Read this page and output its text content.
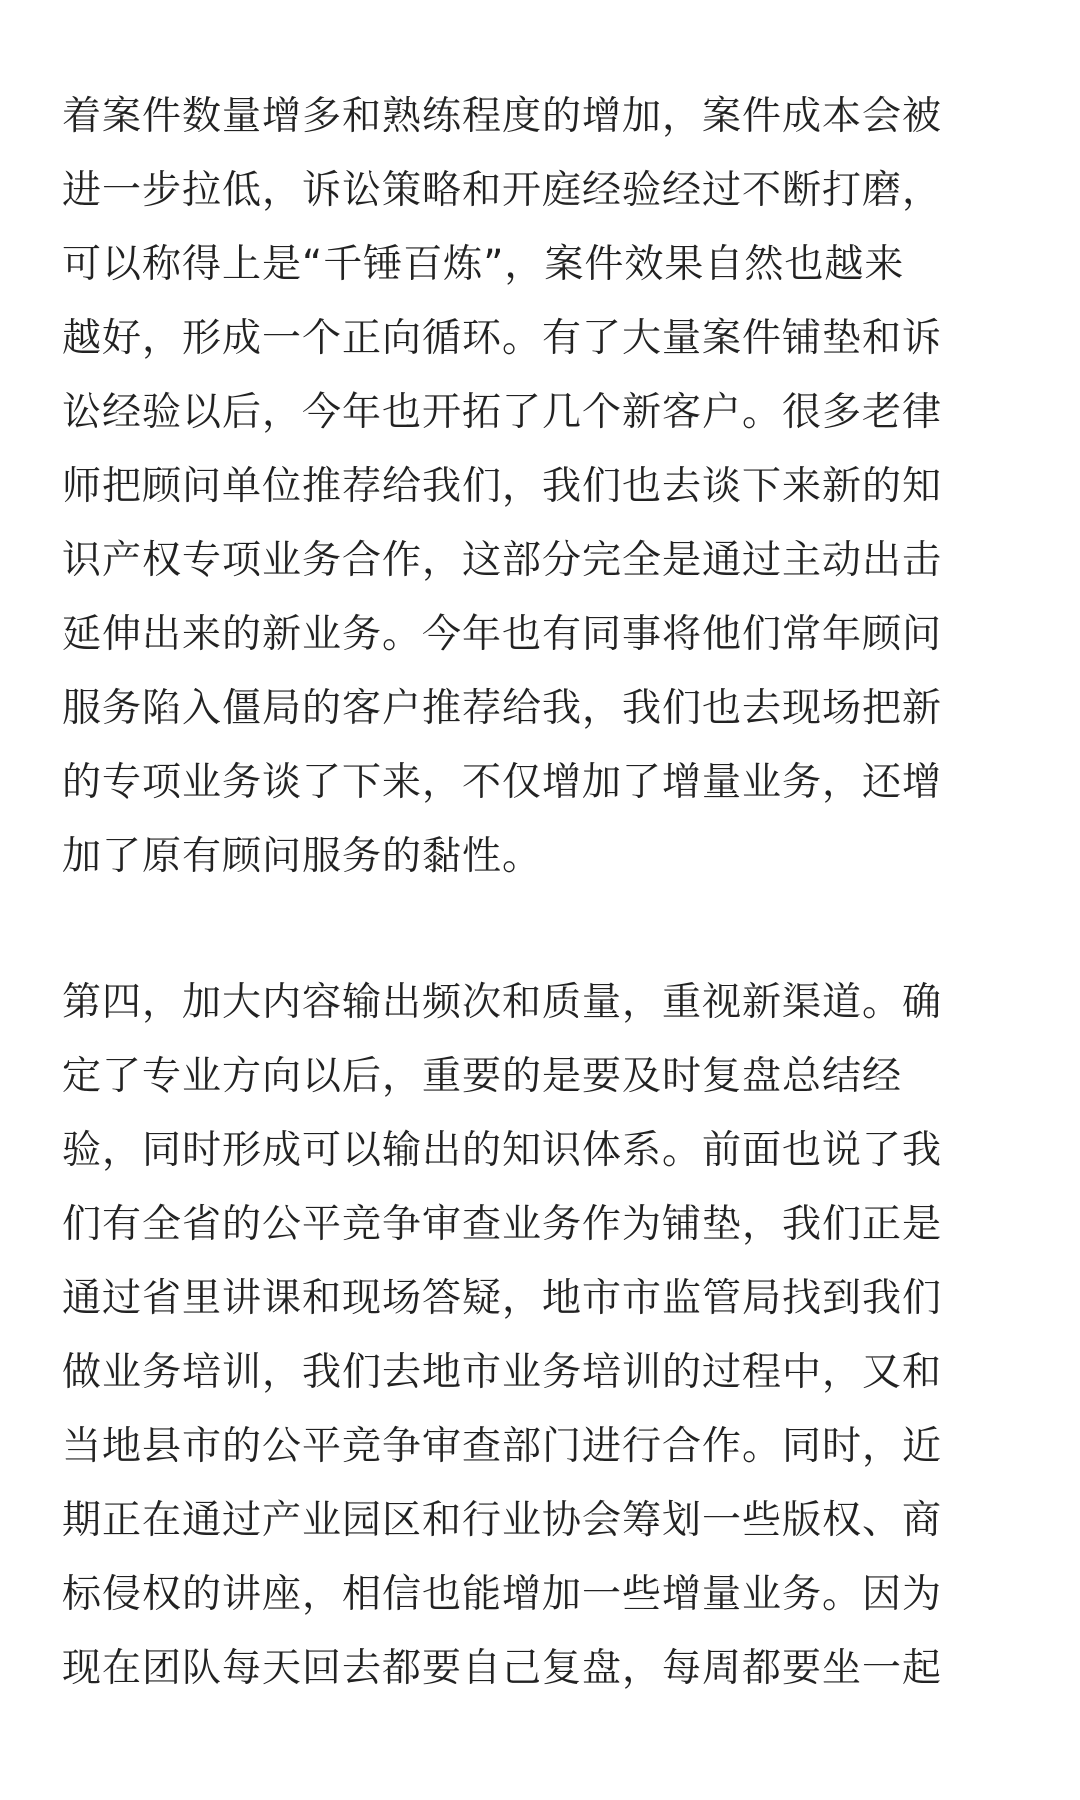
着案件数量增多和熟练程度的增加，案件成本会被
进一步拉低，诉讼策略和开庭经验经过不断打磨，
可以称得上是“千锤百炼”，案件效果自然也越来
越好，形成一个正向循环。有了大量案件铺垫和诉
讼经验以后，今年也开拓了几个新客户。很多老律
师把顾问单位推荐给我们，我们也去谈下来新的知
识产权专项业务合作，这部分完全是通过主动出击
延伸出来的新业务。今年也有同事将他们常年顾问
服务陷入僵局的客户推荐给我，我们也去现场把新
的专项业务谈了下来，不仅增加了增量业务，还增
加了原有顾问服务的黏性。
第四，加大内容输出频次和质量，重视新渠道。确
定了专业方向以后，重要的是要及时复盘总结经
验，同时形成可以输出的知识体系。前面也说了我
们有全省的公平竞争审查业务作为铺垫，我们正是
通过省里讲课和现场答疑，地市市监管局找到我们
做业务培训，我们去地市业务培训的过程中，又和
当地县市的公平竞争审查部门进行合作。同时，近
期正在通过产业园区和行业协会筹划一些版权、商
标侵权的讲座，相信也能增加一些增量业务。因为
现在团队每天回去都要自己复盘，每周都要坐一起
